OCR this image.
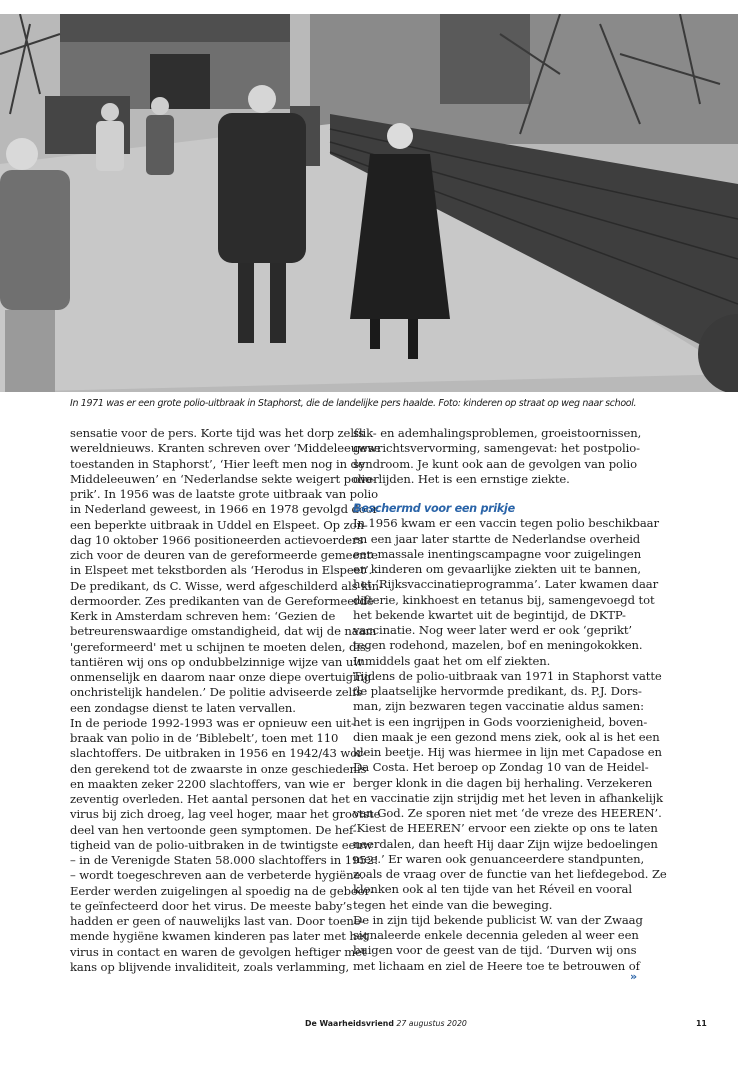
In 1971 was er een grote polio-uitbraak in Staphorst, die de landelijke pers haalde. Foto: kinderen op straat op weg naar school.
sensatie voor de pers. Korte tijd was het dorp zelfs
wereldnieuws. Kranten schreven over ‘Middeleeuwse
toestanden in Staphorst’, ‘Hier leeft men nog in de
Middeleeuwen’ en ‘Nederlandse sekte weigert polio-
prik’. In 1956 was de laatste grote uitbraak van polio
in Nederland geweest, in 1966 en 1978 gevolgd door
een beperkte uitbraak in Uddel en Elspeet. Op zon-
dag 10 oktober 1966 positioneerden actievoerders
zich voor de deuren van de gereformeerde gemeente
in Elspeet met tekstborden als ‘Herodus in Elspeet’.
De predikant, ds C. Wisse, werd afgeschilderd als kin-
dermoorder. Zes predikanten van de Gereformeerde
Kerk in Amsterdam schreven hem: ‘Gezien de
betreurenswaardige omstandigheid, dat wij de naam
'gereformeerd' met u schijnen te moeten delen, dis-
tantiëren wij ons op ondubbelzinnige wijze van uw
onmenselijk en daarom naar onze diepe overtuiging
onchristelijk handelen.’ De politie adviseerde zelfs
een zondagse dienst te laten vervallen.
In de periode 1992-1993 was er opnieuw een uit-
braak van polio in de ‘Biblebelt’, toen met 110
slachtoffers. De uitbraken in 1956 en 1942/43 wor-
den gerekend tot de zwaarste in onze geschiedenis
en maakten zeker 2200 slachtoffers, van wie er
zeventig overleden. Het aantal personen dat het
virus bij zich droeg, lag veel hoger, maar het grootste
deel van hen vertoonde geen symptomen. De hef-
tigheid van de polio-uitbraken in de twintigste eeuw
– in de Verenigde Staten 58.000 slachtoffers in 1952!
– wordt toegeschreven aan de verbeterde hygiëne.
Eerder werden zuigelingen al spoedig na de geboor-
te geïnfecteerd door het virus. De meeste baby’s
hadden er geen of nauwelijks last van. Door toene-
mende hygiëne kwamen kinderen pas later met het
virus in contact en waren de gevolgen heftiger met
kans op blijvende invaliditeit, zoals verlamming,
slik- en ademhalingsproblemen, groeistoornissen,
gewrichtsvervorming, samengevat: het postpolio-
syndroom. Je kunt ook aan de gevolgen van polio
overlijden. Het is een ernstige ziekte.
Beschermd voor een prikje
In 1956 kwam er een vaccin tegen polio beschikbaar
en een jaar later startte de Nederlandse overheid
een massale inentingscampagne voor zuigelingen
en kinderen om gevaarlijke ziekten uit te bannen,
het ‘Rijksvaccinatieprogramma’. Later kwamen daar
difterie, kinkhoest en tetanus bij, samengevoegd tot
het bekende kwartet uit de begintijd, de DKTP-
vaccinatie. Nog weer later werd er ook ‘geprikt’
tegen rodehond, mazelen, bof en meningokokken.
Inmiddels gaat het om elf ziekten.
Tijdens de polio-uitbraak van 1971 in Staphorst vatte
de plaatselijke hervormde predikant, ds. P.J. Dors-
man, zijn bezwaren tegen vaccinatie aldus samen:
het is een ingrijpen in Gods voorzienigheid, boven-
dien maak je een gezond mens ziek, ook al is het een
klein beetje. Hij was hiermee in lijn met Capadose en
Da Costa. Het beroep op Zondag 10 van de Heidel-
berger klonk in die dagen bij herhaling. Verzekeren
en vaccinatie zijn strijdig met het leven in afhankelijk
van God. Ze sporen niet met ‘de vreze des HEEREN’.
‘Kiest de HEEREN’ ervoor een ziekte op ons te laten
neerdalen, dan heeft Hij daar Zijn wijze bedoelingen
mee.’ Er waren ook genuanceerdere standpunten,
zoals de vraag over de functie van het liefdegebod. Ze
klonken ook al ten tijde van het Réveil en vooral
tegen het einde van die beweging.
De in zijn tijd bekende publicist W. van der Zwaag
signaleerde enkele decennia geleden al weer een
buigen voor de geest van de tijd. ‘Durven wij ons
met lichaam en ziel de Heere toe te betrouwen of
»
De Waarheidsvriend 27 augustus 2020	11
